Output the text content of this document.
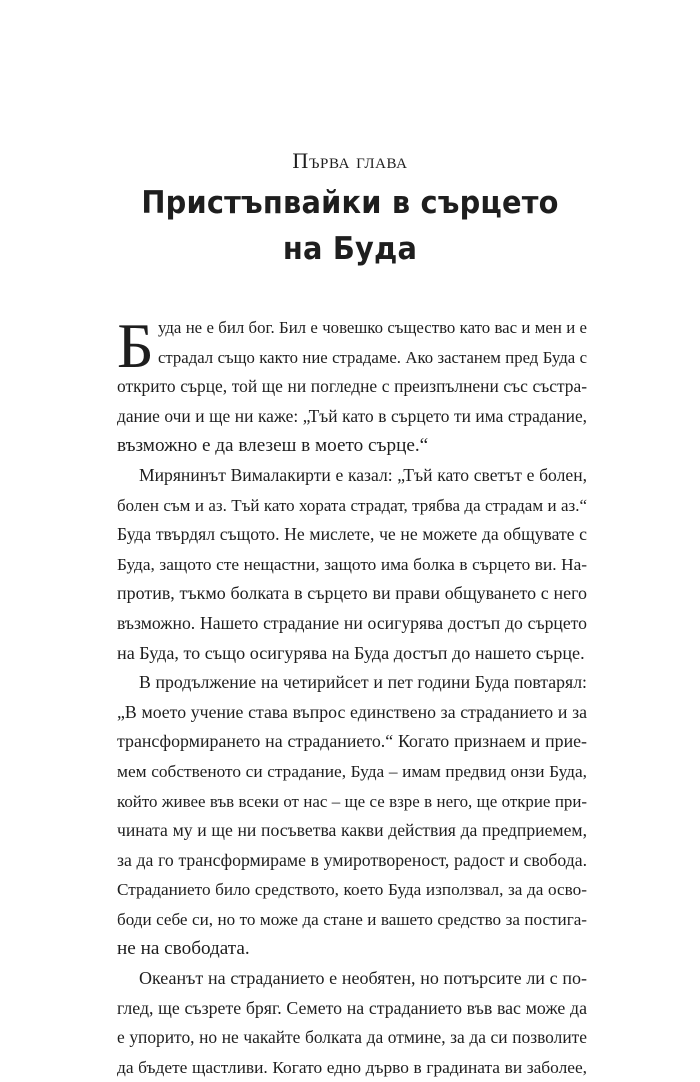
Първа глава
Пристъпвайки в сърцето
на Буда
Б уда не е бил бог. Бил е човешко същество като вас и мен и е
страдал също както ние страдаме. Ако застанем пред Буда с
открито сърце, той ще ни погледне с преизпълнени със състра-
дание очи и ще ни каже: „Тъй като в сърцето ти има страдание,
възможно е да влезеш в моето сърце.“
Мирянинът Вималакирти е казал: „Тъй като светът е болен,
болен съм и аз. Тъй като хората страдат, трябва да страдам и аз.“
Буда твърдял същото. Не мислете, че не можете да общувате с
Буда, защото сте нещастни, защото има болка в сърцето ви. На-
против, тъкмо болката в сърцето ви прави общуването с него
възможно. Нашето страдание ни осигурява достъп до сърцето
на Буда, то също осигурява на Буда достъп до нашето сърце.
В продължение на четирийсет и пет години Буда повтарял:
„В моето учение става въпрос единствено за страданието и за
трансформирането на страданието.“ Когато признаем и прие-
мем собственото си страдание, Буда – имам предвид онзи Буда,
който живее във всеки от нас – ще се взре в него, ще открие при-
чината му и ще ни посъветва какви действия да предприемем,
за да го трансформираме в умиротвореност, радост и свобода.
Страданието било средството, което Буда използвал, за да осво-
боди себе си, но то може да стане и вашето средство за постига-
не на свободата.
Океанът на страданието е необятен, но потърсите ли с по-
глед, ще съзрете бряг. Семето на страданието във вас може да
е упорито, но не чакайте болката да отмине, за да си позволите
да бъдете щастливи. Когато едно дърво в градината ви заболее,
